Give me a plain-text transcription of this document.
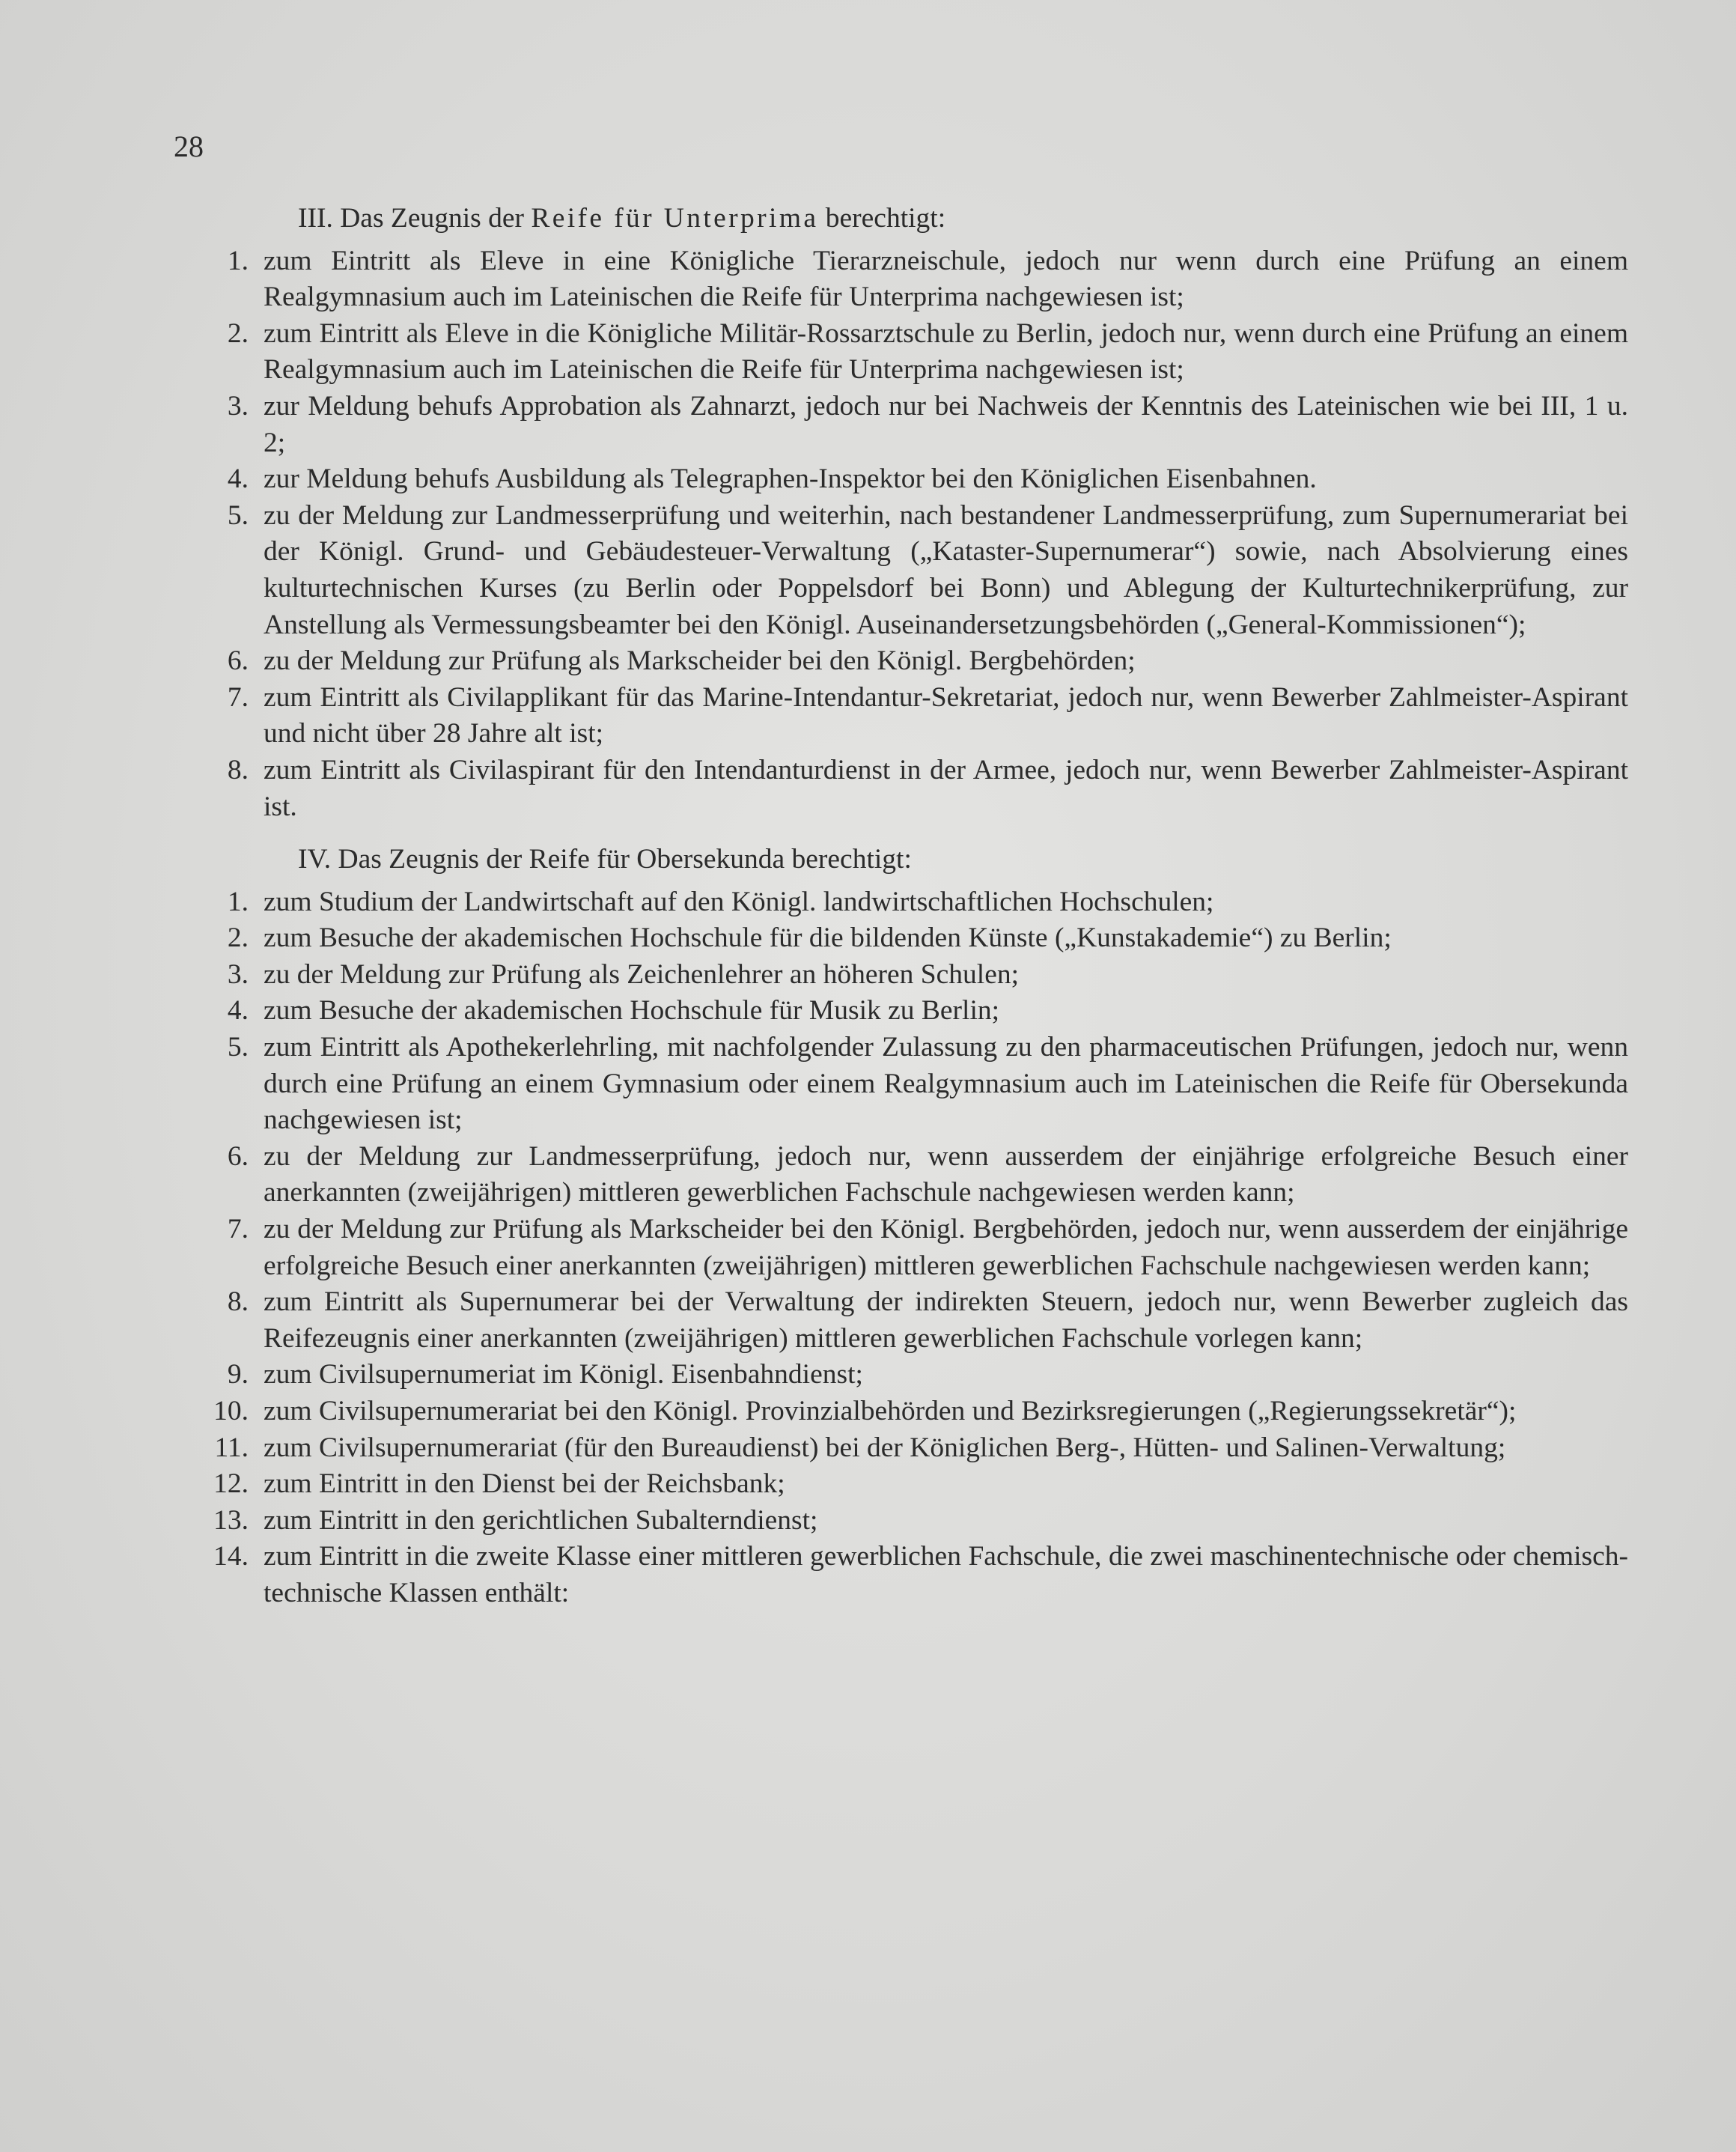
28

III. Das Zeugnis der Reife für Unterprima berechtigt:

1. zum Eintritt als Eleve in eine Königliche Tierarzneischule, jedoch nur wenn durch eine Prüfung an einem Realgymnasium auch im Lateinischen die Reife für Unterprima nachgewiesen ist;
2. zum Eintritt als Eleve in die Königliche Militär-Rossarztschule zu Berlin, jedoch nur, wenn durch eine Prüfung an einem Realgymnasium auch im Lateinischen die Reife für Unterprima nachgewiesen ist;
3. zur Meldung behufs Approbation als Zahnarzt, jedoch nur bei Nachweis der Kenntnis des Lateinischen wie bei III, 1 u. 2;
4. zur Meldung behufs Ausbildung als Telegraphen-Inspektor bei den Königlichen Eisenbahnen.
5. zu der Meldung zur Landmesserprüfung und weiterhin, nach bestandener Landmesserprüfung, zum Supernumerariat bei der Königl. Grund- und Gebäudesteuer-Verwaltung („Kataster-Supernumerar“) sowie, nach Absolvierung eines kulturtechnischen Kurses (zu Berlin oder Poppelsdorf bei Bonn) und Ablegung der Kulturtechnikerprüfung, zur Anstellung als Vermessungsbeamter bei den Königl. Auseinandersetzungsbehörden („General-Kommissionen“);
6. zu der Meldung zur Prüfung als Markscheider bei den Königl. Bergbehörden;
7. zum Eintritt als Civilapplikant für das Marine-Intendantur-Sekretariat, jedoch nur, wenn Bewerber Zahlmeister-Aspirant und nicht über 28 Jahre alt ist;
8. zum Eintritt als Civilaspirant für den Intendanturdienst in der Armee, jedoch nur, wenn Bewerber Zahlmeister-Aspirant ist.

IV. Das Zeugnis der Reife für Obersekunda berechtigt:

1. zum Studium der Landwirtschaft auf den Königl. landwirtschaftlichen Hochschulen;
2. zum Besuche der akademischen Hochschule für die bildenden Künste („Kunstakademie“) zu Berlin;
3. zu der Meldung zur Prüfung als Zeichenlehrer an höheren Schulen;
4. zum Besuche der akademischen Hochschule für Musik zu Berlin;
5. zum Eintritt als Apothekerlehrling, mit nachfolgender Zulassung zu den pharmaceutischen Prüfungen, jedoch nur, wenn durch eine Prüfung an einem Gymnasium oder einem Realgymnasium auch im Lateinischen die Reife für Obersekunda nachgewiesen ist;
6. zu der Meldung zur Landmesserprüfung, jedoch nur, wenn ausserdem der einjährige erfolgreiche Besuch einer anerkannten (zweijährigen) mittleren gewerblichen Fachschule nachgewiesen werden kann;
7. zu der Meldung zur Prüfung als Markscheider bei den Königl. Bergbehörden, jedoch nur, wenn ausserdem der einjährige erfolgreiche Besuch einer anerkannten (zweijährigen) mittleren gewerblichen Fachschule nachgewiesen werden kann;
8. zum Eintritt als Supernumerar bei der Verwaltung der indirekten Steuern, jedoch nur, wenn Bewerber zugleich das Reifezeugnis einer anerkannten (zweijährigen) mittleren gewerblichen Fachschule vorlegen kann;
9. zum Civilsupernumeriat im Königl. Eisenbahndienst;
10. zum Civilsupernumerariat bei den Königl. Provinzialbehörden und Bezirksregierungen („Regierungssekretär“);
11. zum Civilsupernumerariat (für den Bureaudienst) bei der Königlichen Berg-, Hütten- und Salinen-Verwaltung;
12. zum Eintritt in den Dienst bei der Reichsbank;
13. zum Eintritt in den gerichtlichen Subalterndienst;
14. zum Eintritt in die zweite Klasse einer mittleren gewerblichen Fachschule, die zwei maschinentechnische oder chemisch-technische Klassen enthält:
